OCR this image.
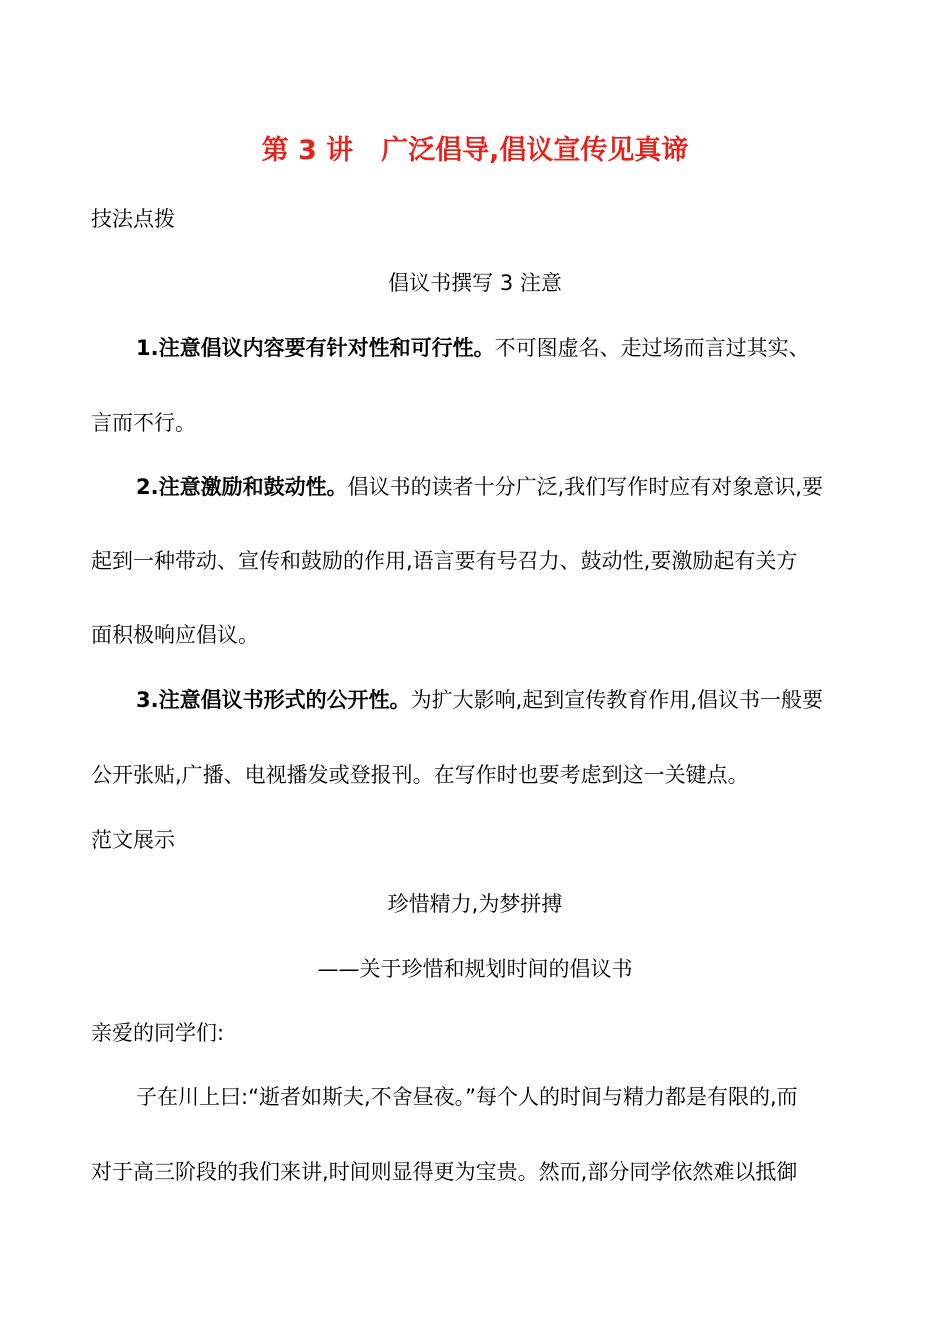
第 3 讲 广泛倡导,倡议宣传见真谛
技法点拨
倡议书撰写 3 注意
1.注意倡议内容要有针对性和可行性。不可图虚名、走过场而言过其实、
言而不行。
2.注意激励和鼓动性。倡议书的读者十分广泛,我们写作时应有对象意识,要
起到一种带动、宣传和鼓励的作用,语言要有号召力、鼓动性,要激励起有关方
面积极响应倡议。
3.注意倡议书形式的公开性。为扩大影响,起到宣传教育作用,倡议书一般要
公开张贴,广播、电视播发或登报刊。在写作时也要考虑到这一关键点。
范文展示
珍惜精力,为梦拼搏
——关于珍惜和规划时间的倡议书
亲爱的同学们:
子在川上曰:“逝者如斯夫,不舍昼夜。”每个人的时间与精力都是有限的,而
对于高三阶段的我们来讲,时间则显得更为宝贵。然而,部分同学依然难以抵御
